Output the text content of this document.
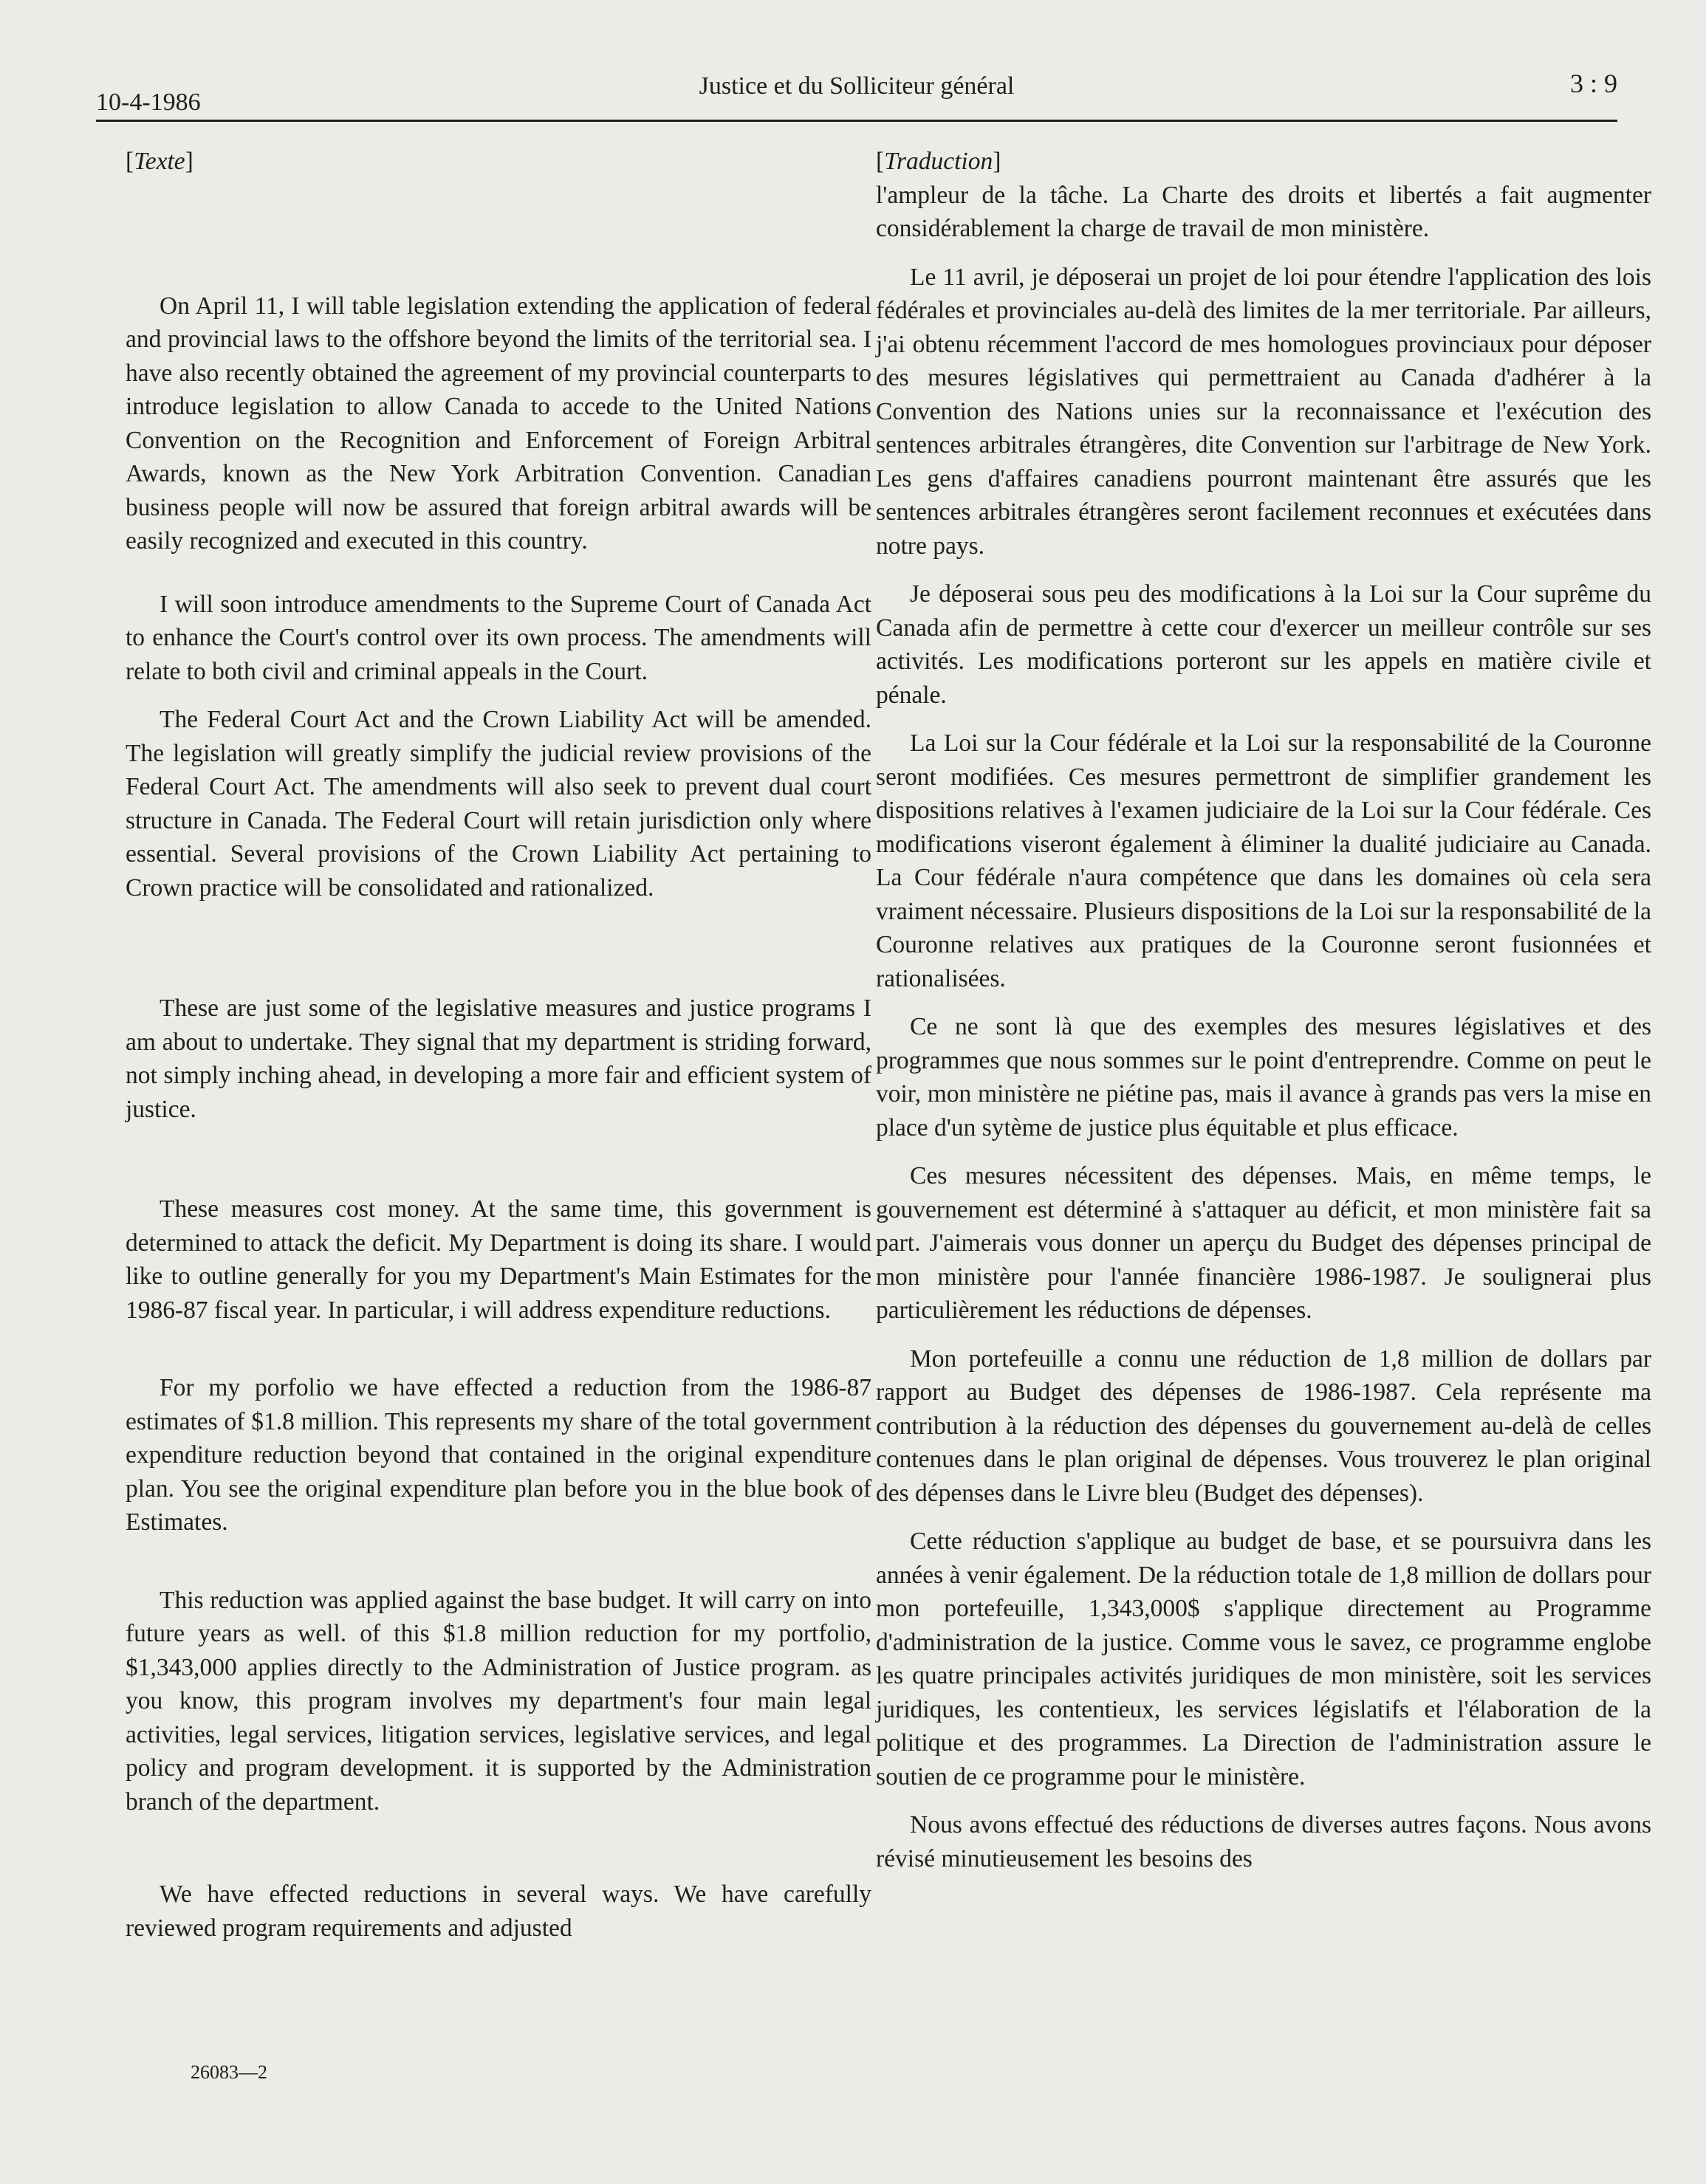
10-4-1986
Justice et du Solliciteur général	3 : 9

[Texte]

On April 11, I will table legislation extending the application of federal and provincial laws to the offshore beyond the limits of the territorial sea. I have also recently obtained the agreement of my provincial counterparts to introduce legislation to allow Canada to accede to the United Nations Convention on the Recognition and Enforcement of Foreign Arbitral Awards, known as the New York Arbitration Convention. Canadian business people will now be assured that foreign arbitral awards will be easily recognized and executed in this country.

I will soon introduce amendments to the Supreme Court of Canada Act to enhance the Court's control over its own process. The amendments will relate to both civil and criminal appeals in the Court.

The Federal Court Act and the Crown Liability Act will be amended. The legislation will greatly simplify the judicial review provisions of the Federal Court Act. The amendments will also seek to prevent dual court structure in Canada. The Federal Court will retain jurisdiction only where essential. Several provisions of the Crown Liability Act pertaining to Crown practice will be consolidated and rationalized.

These are just some of the legislative measures and justice programs I am about to undertake. They signal that my department is striding forward, not simply inching ahead, in developing a more fair and efficient system of justice.

These measures cost money. At the same time, this government is determined to attack the deficit. My Department is doing its share. I would like to outline generally for you my Department's Main Estimates for the 1986-87 fiscal year. In particular, i will address expenditure reductions.

For my porfolio we have effected a reduction from the 1986-87 estimates of $1.8 million. This represents my share of the total government expenditure reduction beyond that contained in the original expenditure plan. You see the original expenditure plan before you in the blue book of Estimates.

This reduction was applied against the base budget. It will carry on into future years as well. of this $1.8 million reduction for my portfolio, $1,343,000 applies directly to the Administration of Justice program. as you know, this program involves my department's four main legal activities, legal services, litigation services, legislative services, and legal policy and program development. it is supported by the Administration branch of the department.

We have effected reductions in several ways. We have carefully reviewed program requirements and adjusted

[Traduction]

l'ampleur de la tâche. La Charte des droits et libertés a fait augmenter considérablement la charge de travail de mon ministère.

Le 11 avril, je déposerai un projet de loi pour étendre l'application des lois fédérales et provinciales au-delà des limites de la mer territoriale. Par ailleurs, j'ai obtenu récemment l'accord de mes homologues provinciaux pour déposer des mesures législatives qui permettraient au Canada d'adhérer à la Convention des Nations unies sur la reconnaissance et l'exécution des sentences arbitrales étrangères, dite Convention sur l'arbitrage de New York. Les gens d'affaires canadiens pourront maintenant être assurés que les sentences arbitrales étrangères seront facilement reconnues et exécutées dans notre pays.

Je déposerai sous peu des modifications à la Loi sur la Cour suprême du Canada afin de permettre à cette cour d'exercer un meilleur contrôle sur ses activités. Les modifications porteront sur les appels en matière civile et pénale.

La Loi sur la Cour fédérale et la Loi sur la responsabilité de la Couronne seront modifiées. Ces mesures permettront de simplifier grandement les dispositions relatives à l'examen judiciaire de la Loi sur la Cour fédérale. Ces modifications viseront également à éliminer la dualité judiciaire au Canada. La Cour fédérale n'aura compétence que dans les domaines où cela sera vraiment nécessaire. Plusieurs dispositions de la Loi sur la responsabilité de la Couronne relatives aux pratiques de la Couronne seront fusionnées et rationalisées.

Ce ne sont là que des exemples des mesures législatives et des programmes que nous sommes sur le point d'entreprendre. Comme on peut le voir, mon ministère ne piétine pas, mais il avance à grands pas vers la mise en place d'un sytème de justice plus équitable et plus efficace.

Ces mesures nécessitent des dépenses. Mais, en même temps, le gouvernement est déterminé à s'attaquer au déficit, et mon ministère fait sa part. J'aimerais vous donner un aperçu du Budget des dépenses principal de mon ministère pour l'année financière 1986-1987. Je soulignerai plus particulièrement les réductions de dépenses.

Mon portefeuille a connu une réduction de 1,8 million de dollars par rapport au Budget des dépenses de 1986-1987. Cela représente ma contribution à la réduction des dépenses du gouvernement au-delà de celles contenues dans le plan original de dépenses. Vous trouverez le plan original des dépenses dans le Livre bleu (Budget des dépenses).

Cette réduction s'applique au budget de base, et se poursuivra dans les années à venir également. De la réduction totale de 1,8 million de dollars pour mon portefeuille, 1,343,000$ s'applique directement au Programme d'administration de la justice. Comme vous le savez, ce programme englobe les quatre principales activités juridiques de mon ministère, soit les services juridiques, les contentieux, les services législatifs et l'élaboration de la politique et des programmes. La Direction de l'administration assure le soutien de ce programme pour le ministère.

Nous avons effectué des réductions de diverses autres façons. Nous avons révisé minutieusement les besoins des

26083—2
